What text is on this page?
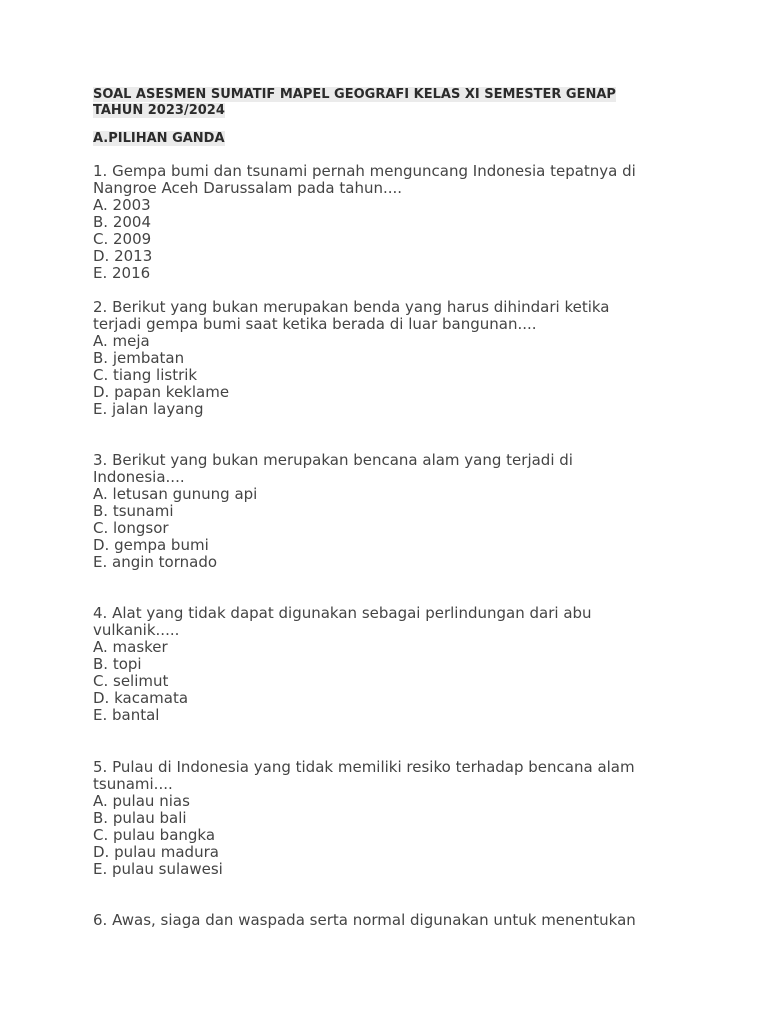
SOAL ASESMEN SUMATIF MAPEL GEOGRAFI KELAS XI SEMESTER GENAP
TAHUN 2023/2024
A.PILIHAN GANDA
1. Gempa bumi dan tsunami pernah menguncang Indonesia tepatnya di
Nangroe Aceh Darussalam pada tahun....
A. 2003
B. 2004
C. 2009
D. 2013
E. 2016
2. Berikut yang bukan merupakan benda yang harus dihindari ketika
terjadi gempa bumi saat ketika berada di luar bangunan....
A. meja
B. jembatan
C. tiang listrik
D. papan keklame
E. jalan layang
3. Berikut yang bukan merupakan bencana alam yang terjadi di
Indonesia....
A. letusan gunung api
B. tsunami
C. longsor
D. gempa bumi
E. angin tornado
4. Alat yang tidak dapat digunakan sebagai perlindungan dari abu
vulkanik.....
A. masker
B. topi
C. selimut
D. kacamata
E. bantal
5. Pulau di Indonesia yang tidak memiliki resiko terhadap bencana alam
tsunami....
A. pulau nias
B. pulau bali
C. pulau bangka
D. pulau madura
E. pulau sulawesi
6. Awas, siaga dan waspada serta normal digunakan untuk menentukan
